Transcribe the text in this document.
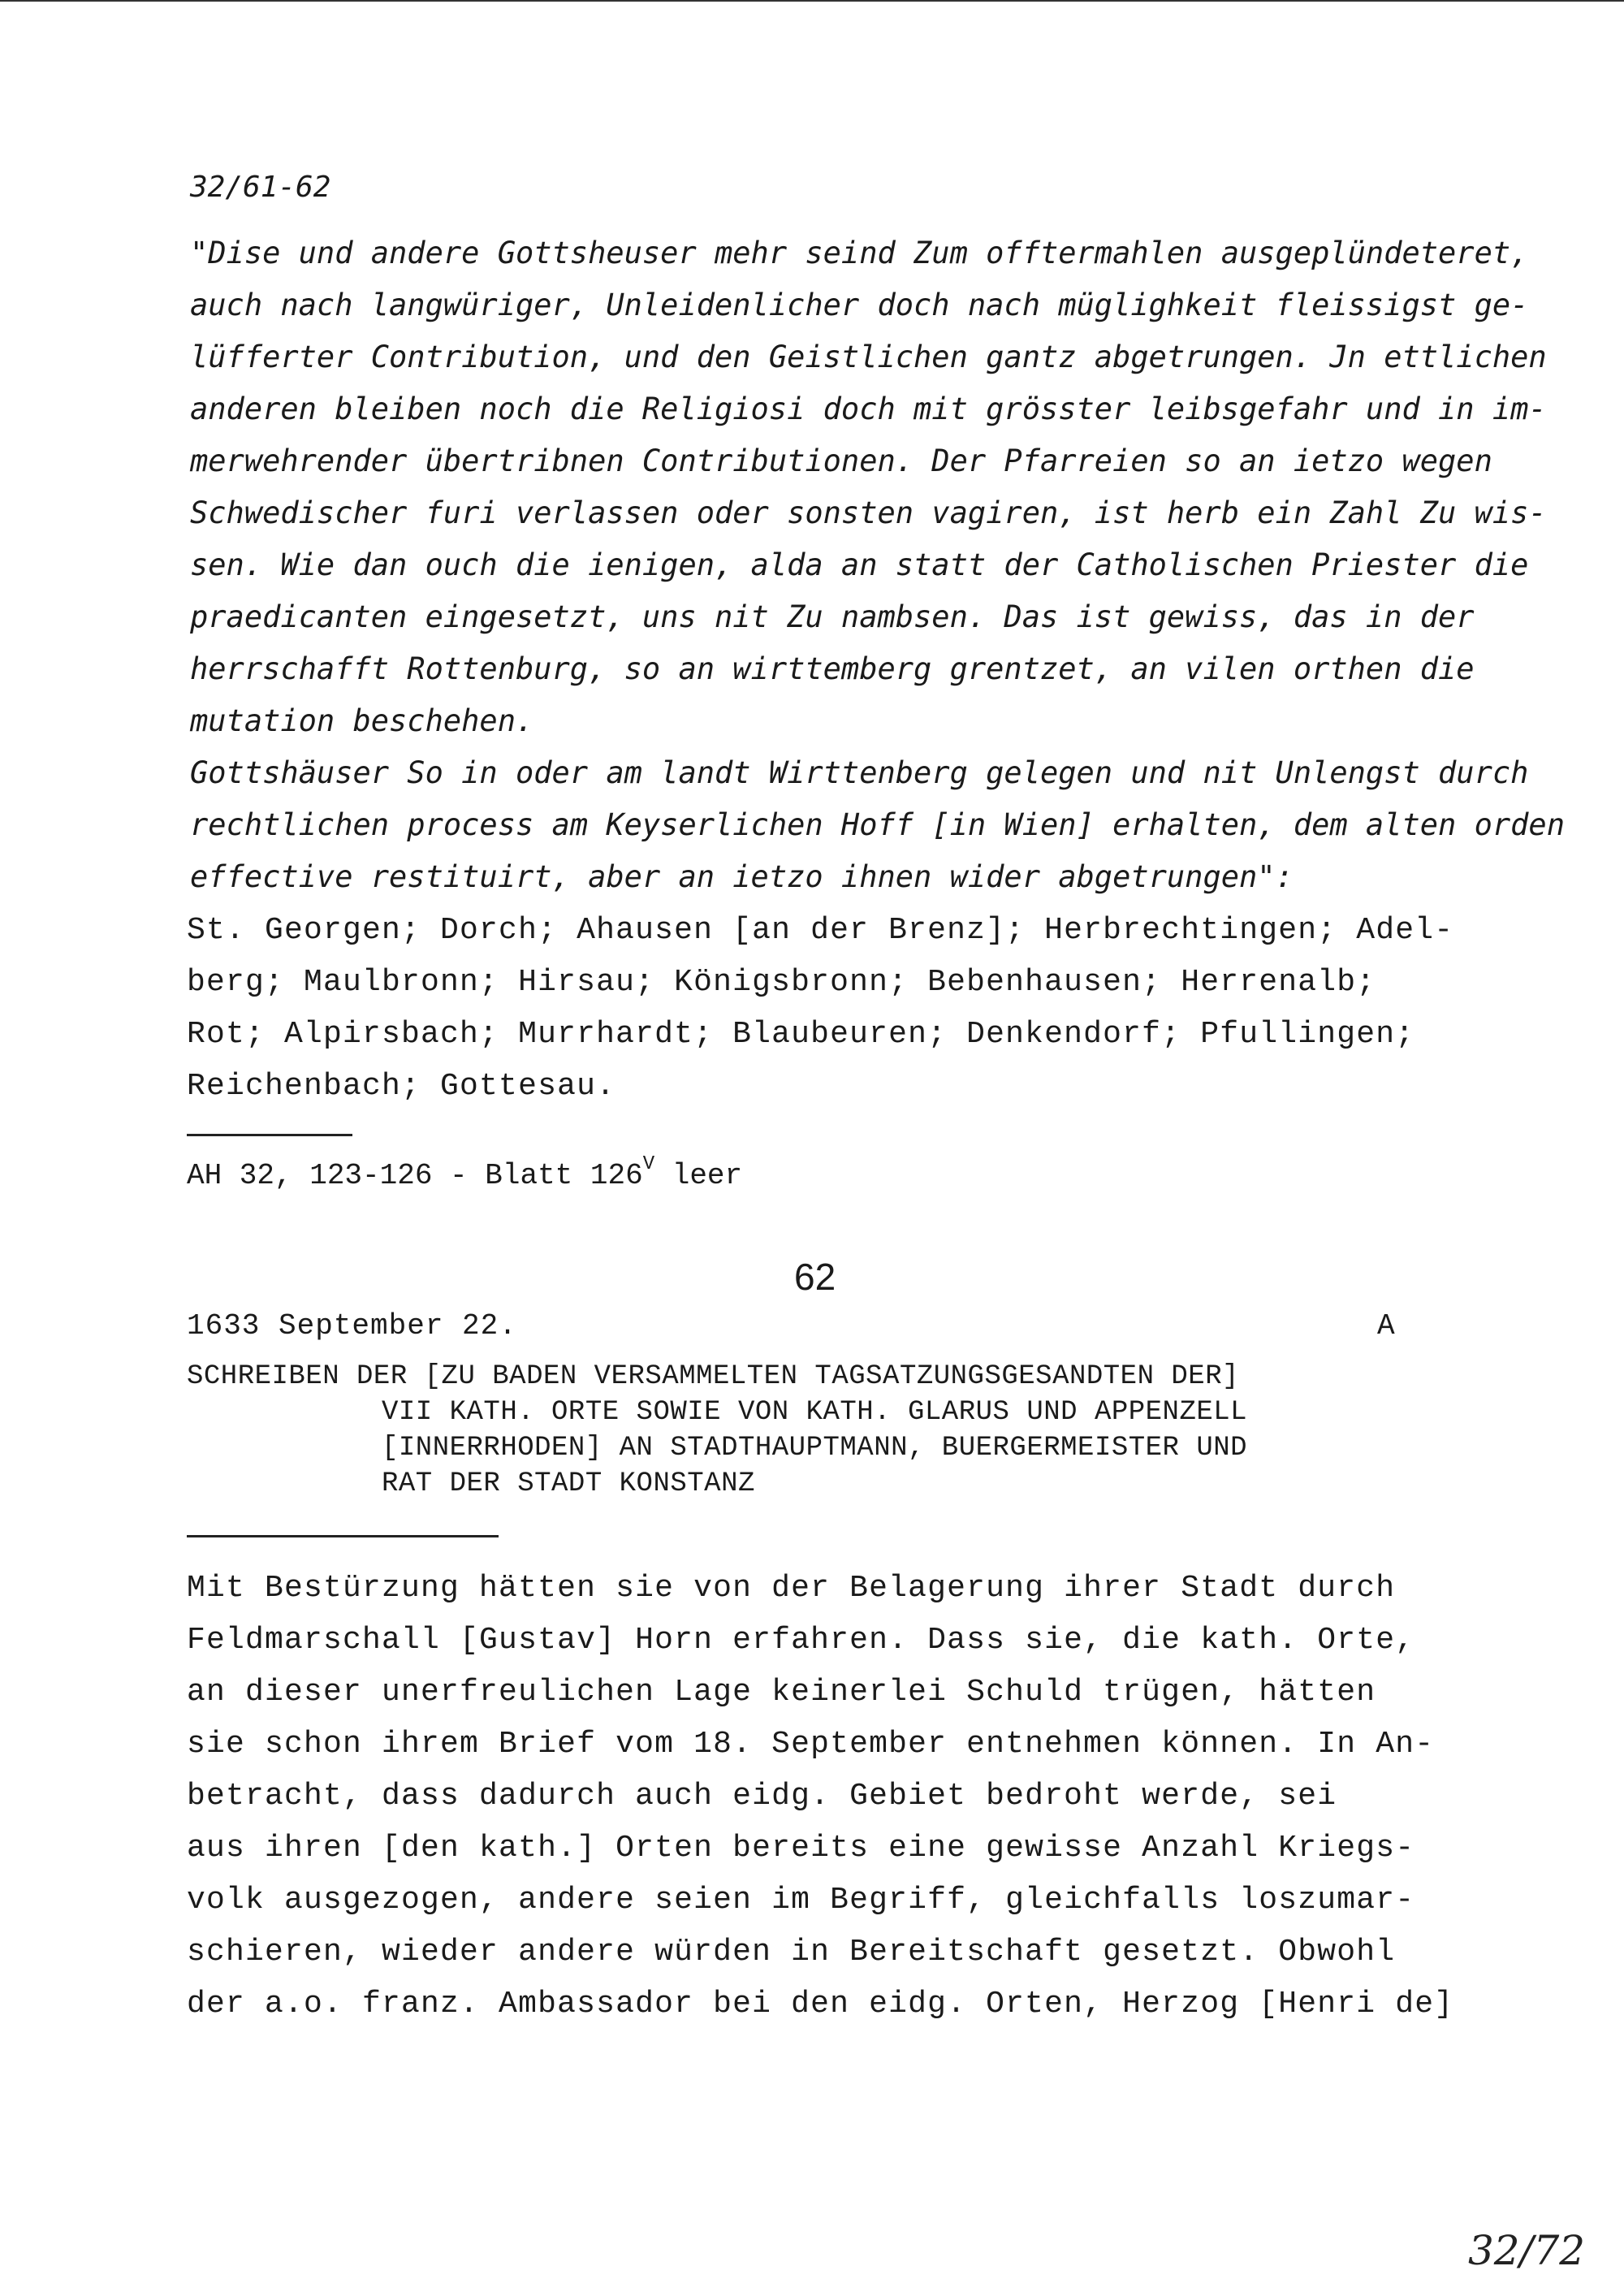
32/61-62
"Dise und andere Gottsheuser mehr seind Zum offtermahlen ausgeplündeteret,
auch nach langwüriger, Unleidenlicher doch nach müglighkeit fleissigst ge-
lüfferter Contribution, und den Geistlichen gantz abgetrungen. Jn ettlichen
anderen bleiben noch die Religiosi doch mit grösster leibsgefahr und in im-
merwehrender übertribnen Contributionen. Der Pfarreien so an ietzo wegen
Schwedischer furi verlassen oder sonsten vagiren, ist herb ein Zahl Zu wis-
sen. Wie dan ouch die ienigen, alda an statt der Catholischen Priester die
praedicanten eingesetzt, uns nit Zu nambsen. Das ist gewiss, das in der
herrschafft Rottenburg, so an wirttemberg grentzet, an vilen orthen die
mutation beschehen.
Gottshäuser So in oder am landt Wirttenberg gelegen und nit Unlengst durch
rechtlichen process am Keyserlichen Hoff [in Wien] erhalten, dem alten orden
effective restituirt, aber an ietzo ihnen wider abgetrungen":
St. Georgen; Dorch; Ahausen [an der Brenz]; Herbrechtingen; Adel-
berg; Maulbronn; Hirsau; Königsbronn; Bebenhausen; Herrenalb;
Rot; Alpirsbach; Murrhardt; Blaubeuren; Denkendorf; Pfullingen;
Reichenbach; Gottesau.
AH 32, 123-126 - Blatt $126^V$ leer
62
1633 September 22.	A
SCHREIBEN DER [ZU BADEN VERSAMMELTEN TAGSATZUNGSGESANDTEN DER]
VII KATH. ORTE SOWIE VON KATH. GLARUS UND APPENZELL
[INNERRHODEN] AN STADTHAUPTMANN, BUERGERMEISTER UND
RAT DER STADT KONSTANZ
Mit Bestürzung hätten sie von der Belagerung ihrer Stadt durch
Feldmarschall [Gustav] Horn erfahren. Dass sie, die kath. Orte,
an dieser unerfreulichen Lage keinerlei Schuld trügen, hätten
sie schon ihrem Brief vom 18. September entnehmen können. In An-
betracht, dass dadurch auch eidg. Gebiet bedroht werde, sei
aus ihren [den kath.] Orten bereits eine gewisse Anzahl Kriegs-
volk ausgezogen, andere seien im Begriff, gleichfalls loszumar-
schieren, wieder andere würden in Bereitschaft gesetzt. Obwohl
der a.o. franz. Ambassador bei den eidg. Orten, Herzog [Henri de]
32/72
